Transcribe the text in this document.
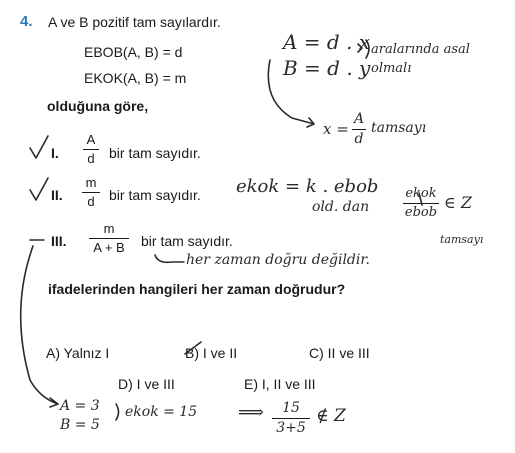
4. A ve B pozitif tam sayılardır.
EBOB(A, B) = d
EKOK(A, B) = m
olduğuna göre,
I.
A
d bir tam sayıdır.
II.
m
d bir tam sayıdır.
III.
m
A + B bir tam sayıdır.
ifadelerinden hangileri her zaman doğrudur?
A) Yalnız I	B) I ve II	C) II ve III
D) I ve III	E) I, II ve III
A = d . x
B = d . y
aralarında asal olmalı
x =
A
d
tamsayı
ekok = k . ebob
old. dan
ekok
ebob
∈ Z
tamsayı
her zaman doğru değildir.
A = 3
B = 5
ekok = 15 ⟹ 15
3+5
∉ Z
